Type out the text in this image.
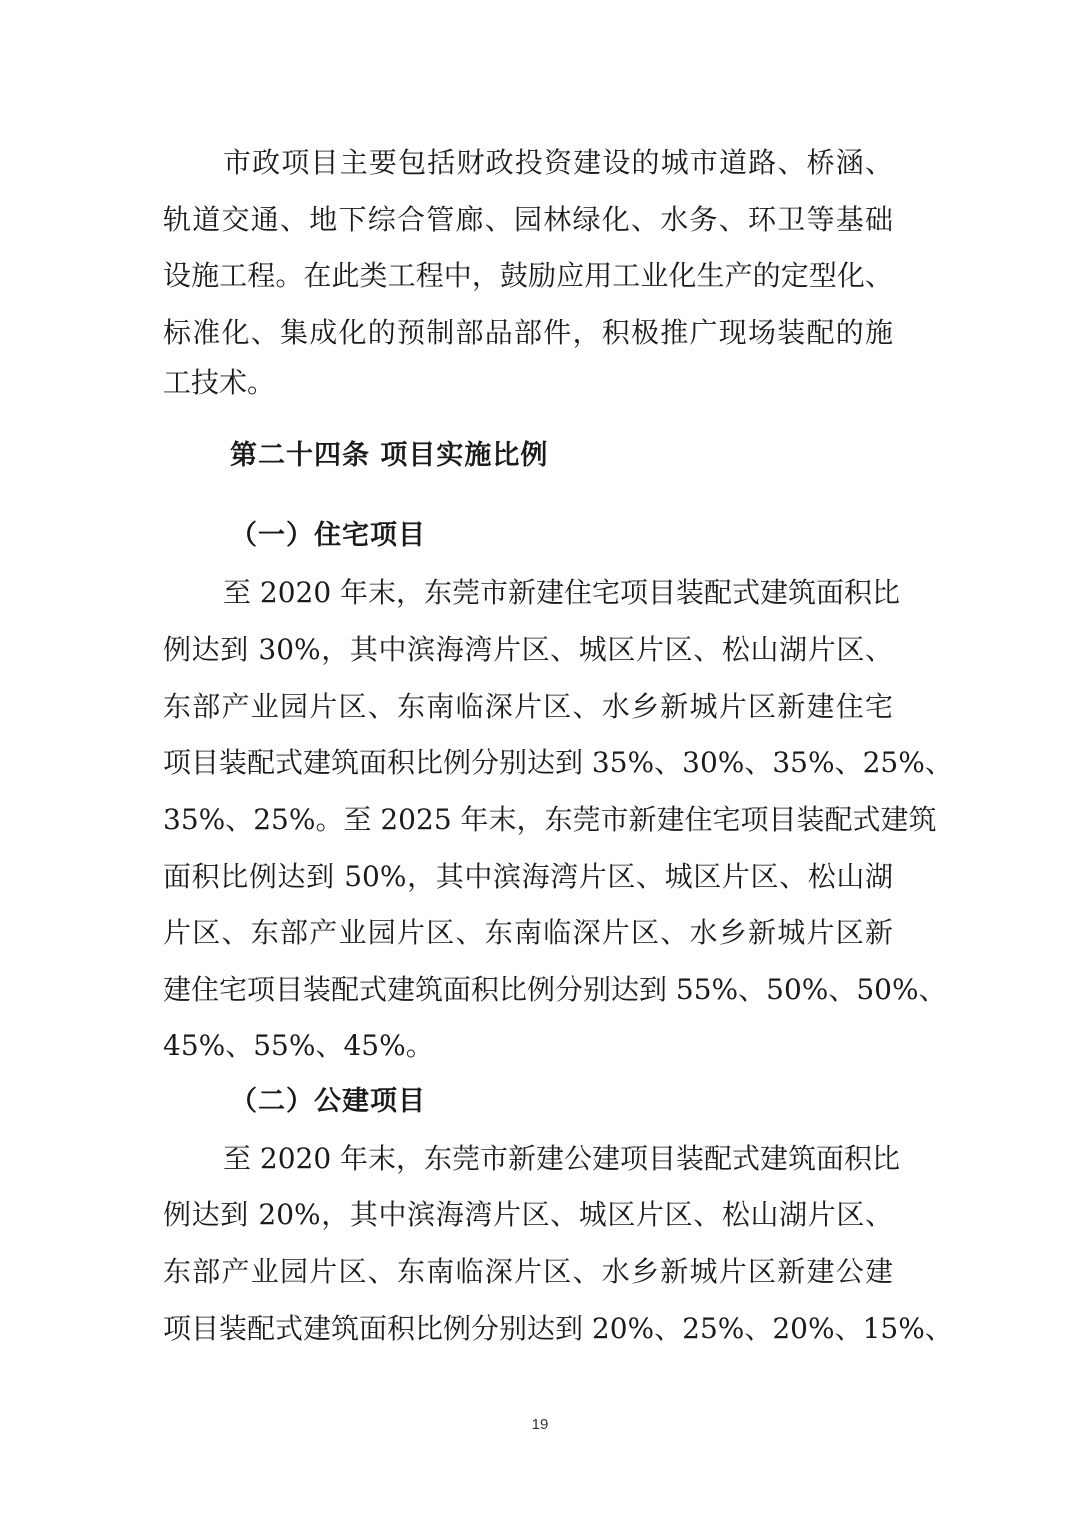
市政项目主要包括财政投资建设的城市道路、桥涵、
轨道交通、地下综合管廊、园林绿化、水务、环卫等基础
设施工程。在此类工程中，鼓励应用工业化生产的定型化、
标准化、集成化的预制部品部件，积极推广现场装配的施
工技术。
第二十四条 项目实施比例
（一）住宅项目
至 2020 年末，东莞市新建住宅项目装配式建筑面积比
例达到 30%，其中滨海湾片区、城区片区、松山湖片区、
东部产业园片区、东南临深片区、水乡新城片区新建住宅
项目装配式建筑面积比例分别达到 35%、30%、35%、25%、
35%、25%。至 2025 年末，东莞市新建住宅项目装配式建筑
面积比例达到 50%，其中滨海湾片区、城区片区、松山湖
片区、东部产业园片区、东南临深片区、水乡新城片区新
建住宅项目装配式建筑面积比例分别达到 55%、50%、50%、
45%、55%、45%。
（二）公建项目
至 2020 年末，东莞市新建公建项目装配式建筑面积比
例达到 20%，其中滨海湾片区、城区片区、松山湖片区、
东部产业园片区、东南临深片区、水乡新城片区新建公建
项目装配式建筑面积比例分别达到 20%、25%、20%、15%、
19
